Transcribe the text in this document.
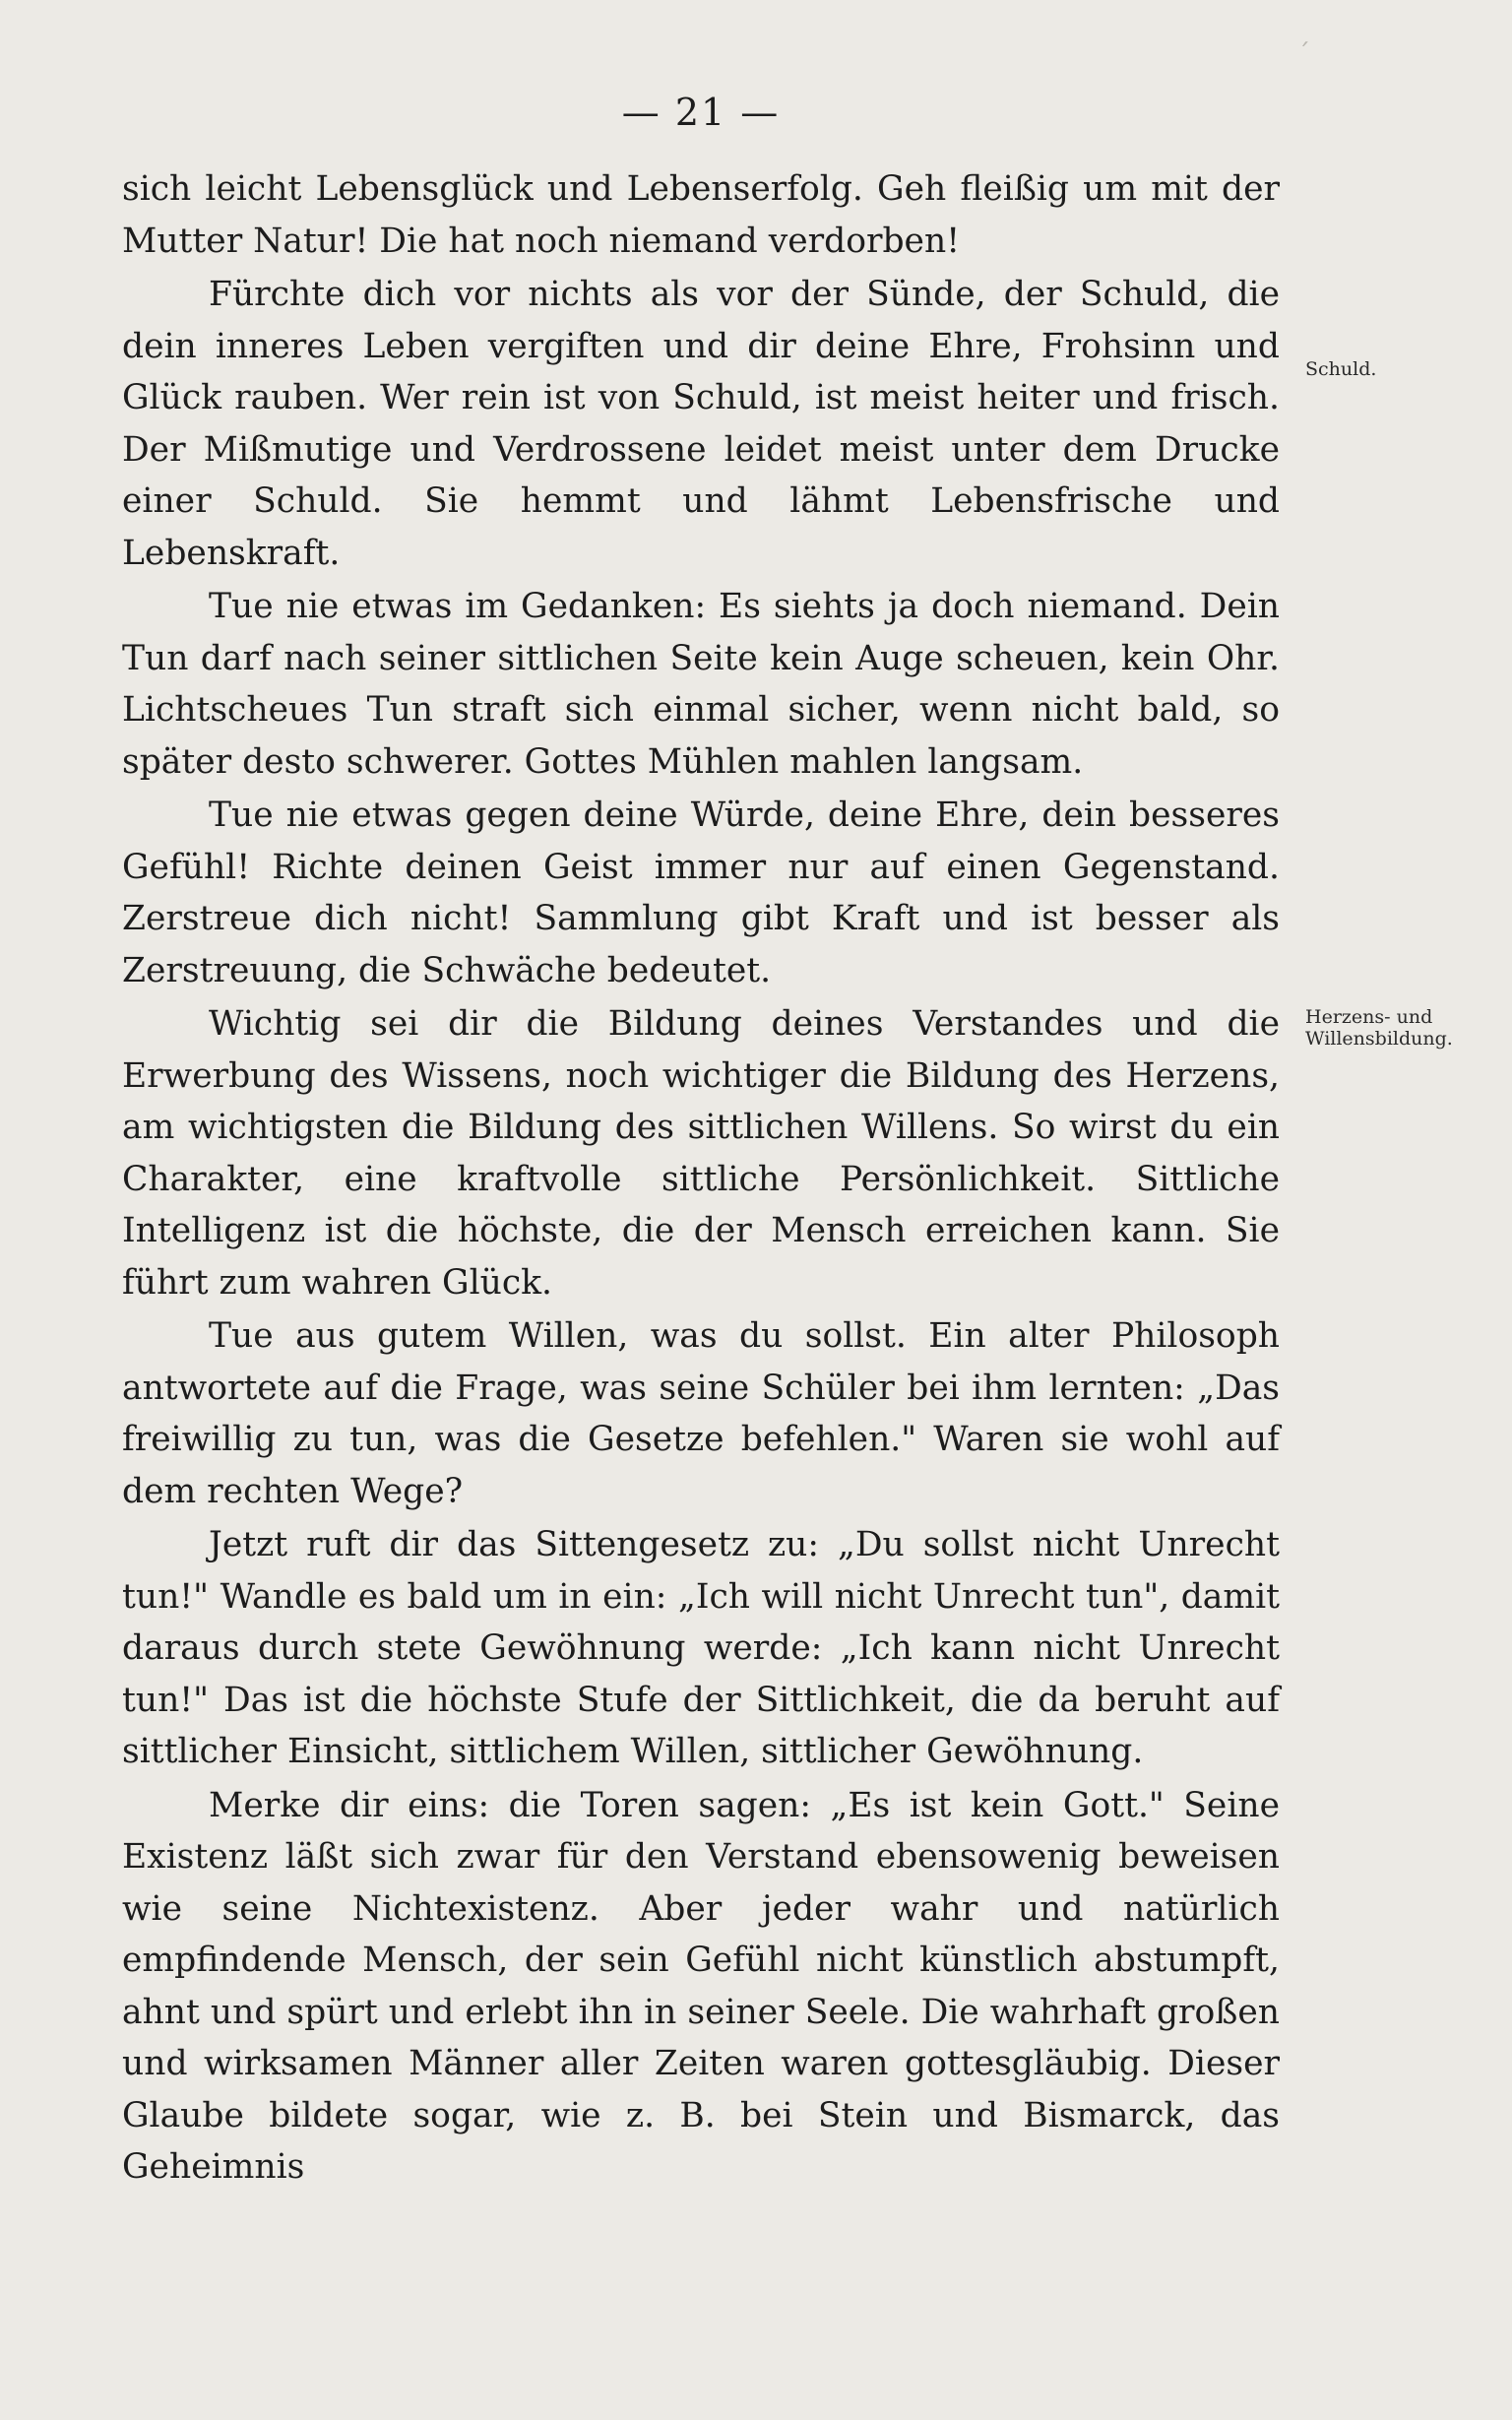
´
— 21 —
Schuld.
Herzens- und
Willensbildung.

sich leicht Lebensglück und Lebenserfolg. Geh fleißig um mit der Mutter Natur! Die hat noch niemand verdorben!

Fürchte dich vor nichts als vor der Sünde, der Schuld, die dein inneres Leben vergiften und dir deine Ehre, Frohsinn und Glück rauben. Wer rein ist von Schuld, ist meist heiter und frisch. Der Mißmutige und Verdrossene leidet meist unter dem Drucke einer Schuld. Sie hemmt und lähmt Lebensfrische und Lebenskraft.

Tue nie etwas im Gedanken: Es siehts ja doch niemand. Dein Tun darf nach seiner sittlichen Seite kein Auge scheuen, kein Ohr. Lichtscheues Tun straft sich einmal sicher, wenn nicht bald, so später desto schwerer. Gottes Mühlen mahlen langsam.

Tue nie etwas gegen deine Würde, deine Ehre, dein besseres Gefühl! Richte deinen Geist immer nur auf einen Gegenstand. Zerstreue dich nicht! Sammlung gibt Kraft und ist besser als Zerstreuung, die Schwäche bedeutet.

Wichtig sei dir die Bildung deines Verstandes und die Erwerbung des Wissens, noch wichtiger die Bildung des Herzens, am wichtigsten die Bildung des sittlichen Willens. So wirst du ein Charakter, eine kraftvolle sittliche Persönlichkeit. Sittliche Intelligenz ist die höchste, die der Mensch erreichen kann. Sie führt zum wahren Glück.

Tue aus gutem Willen, was du sollst. Ein alter Philosoph antwortete auf die Frage, was seine Schüler bei ihm lernten: „Das freiwillig zu tun, was die Gesetze befehlen." Waren sie wohl auf dem rechten Wege?

Jetzt ruft dir das Sittengesetz zu: „Du sollst nicht Unrecht tun!" Wandle es bald um in ein: „Ich will nicht Unrecht tun", damit daraus durch stete Gewöhnung werde: „Ich kann nicht Unrecht tun!" Das ist die höchste Stufe der Sittlichkeit, die da beruht auf sittlicher Einsicht, sittlichem Willen, sittlicher Gewöhnung.

Merke dir eins: die Toren sagen: „Es ist kein Gott." Seine Existenz läßt sich zwar für den Verstand ebensowenig beweisen wie seine Nichtexistenz. Aber jeder wahr und natürlich empfindende Mensch, der sein Gefühl nicht künstlich abstumpft, ahnt und spürt und erlebt ihn in seiner Seele. Die wahrhaft großen und wirksamen Männer aller Zeiten waren gottesgläubig. Dieser Glaube bildete sogar, wie z. B. bei Stein und Bismarck, das Geheimnis
